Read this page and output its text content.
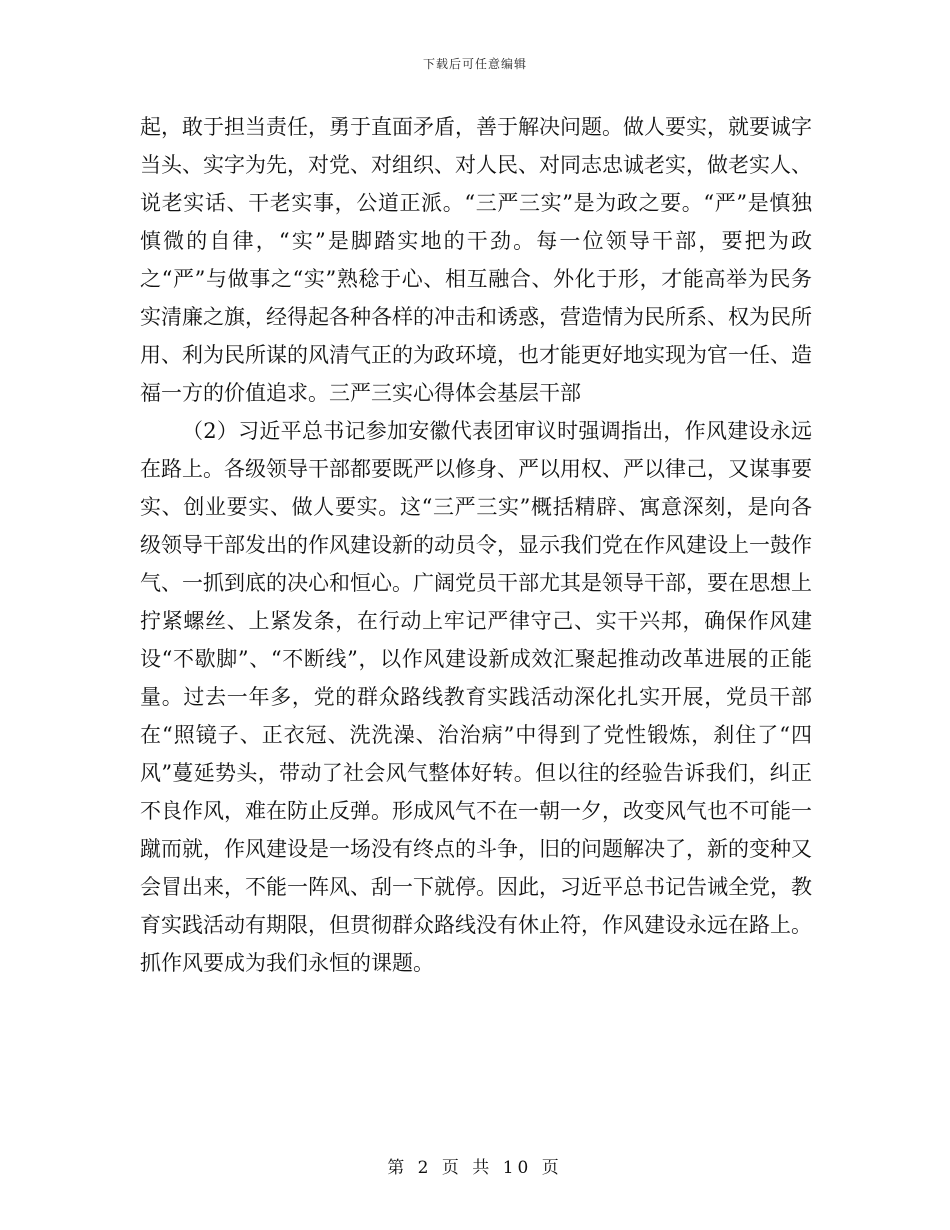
下载后可任意编辑

起，敢于担当责任，勇于直面矛盾，善于解决问题。做人要实，就要诚字当头、实字为先，对党、对组织、对人民、对同志忠诚老实，做老实人、说老实话、干老实事，公道正派。“三严三实”是为政之要。“严”是慎独慎微的自律，“实”是脚踏实地的干劲。每一位领导干部，要把为政之“严”与做事之“实”熟稔于心、相互融合、外化于形，才能高举为民务实清廉之旗，经得起各种各样的冲击和诱惑，营造情为民所系、权为民所用、利为民所谋的风清气正的为政环境，也才能更好地实现为官一任、造福一方的价值追求。三严三实心得体会基层干部

（2）习近平总书记参加安徽代表团审议时强调指出，作风建设永远在路上。各级领导干部都要既严以修身、严以用权、严以律己，又谋事要实、创业要实、做人要实。这“三严三实”概括精辟、寓意深刻，是向各级领导干部发出的作风建设新的动员令，显示我们党在作风建设上一鼓作气、一抓到底的决心和恒心。广阔党员干部尤其是领导干部，要在思想上拧紧螺丝、上紧发条，在行动上牢记严律守己、实干兴邦，确保作风建设“不歇脚”、“不断线”，以作风建设新成效汇聚起推动改革进展的正能量。过去一年多，党的群众路线教育实践活动深化扎实开展，党员干部在“照镜子、正衣冠、洗洗澡、治治病”中得到了党性锻炼，刹住了“四风”蔓延势头，带动了社会风气整体好转。但以往的经验告诉我们，纠正不良作风，难在防止反弹。形成风气不在一朝一夕，改变风气也不可能一蹴而就，作风建设是一场没有终点的斗争，旧的问题解决了，新的变种又会冒出来，不能一阵风、刮一下就停。因此，习近平总书记告诫全党，教育实践活动有期限，但贯彻群众路线没有休止符，作风建设永远在路上。抓作风要成为我们永恒的课题。

第 2 页 共 10 页
